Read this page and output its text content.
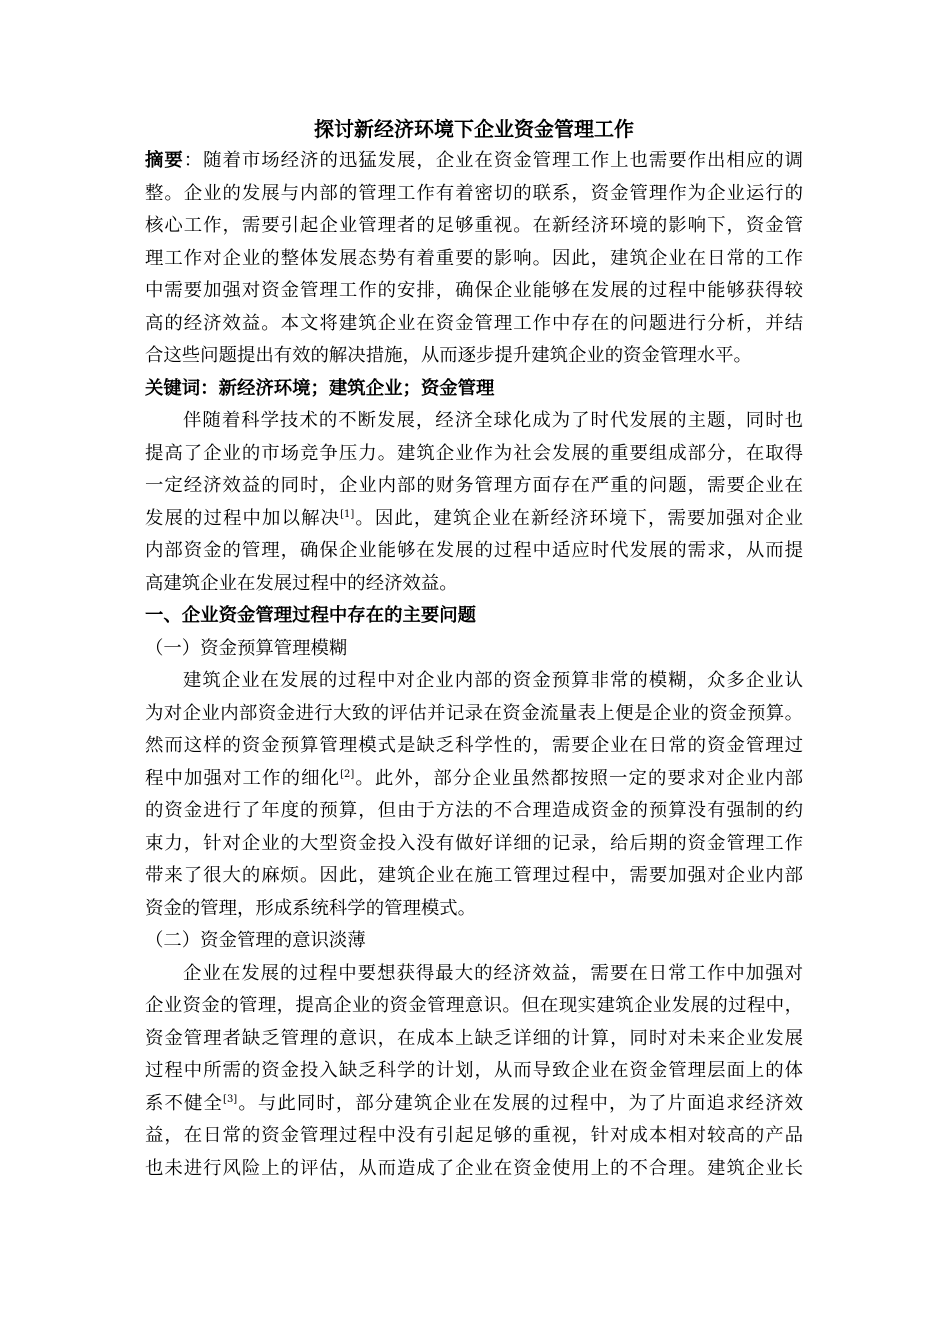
探讨新经济环境下企业资金管理工作
摘要：随着市场经济的迅猛发展，企业在资金管理工作上也需要作出相应的调
整。企业的发展与内部的管理工作有着密切的联系，资金管理作为企业运行的
核心工作，需要引起企业管理者的足够重视。在新经济环境的影响下，资金管
理工作对企业的整体发展态势有着重要的影响。因此，建筑企业在日常的工作
中需要加强对资金管理工作的安排，确保企业能够在发展的过程中能够获得较
高的经济效益。本文将建筑企业在资金管理工作中存在的问题进行分析，并结
合这些问题提出有效的解决措施，从而逐步提升建筑企业的资金管理水平。
关键词：新经济环境；建筑企业；资金管理
伴随着科学技术的不断发展，经济全球化成为了时代发展的主题，同时也
提高了企业的市场竞争压力。建筑企业作为社会发展的重要组成部分，在取得
一定经济效益的同时，企业内部的财务管理方面存在严重的问题，需要企业在
发展的过程中加以解决[1]。因此，建筑企业在新经济环境下，需要加强对企业
内部资金的管理，确保企业能够在发展的过程中适应时代发展的需求，从而提
高建筑企业在发展过程中的经济效益。
一、企业资金管理过程中存在的主要问题
（一）资金预算管理模糊
建筑企业在发展的过程中对企业内部的资金预算非常的模糊，众多企业认
为对企业内部资金进行大致的评估并记录在资金流量表上便是企业的资金预算。
然而这样的资金预算管理模式是缺乏科学性的，需要企业在日常的资金管理过
程中加强对工作的细化[2]。此外，部分企业虽然都按照一定的要求对企业内部
的资金进行了年度的预算，但由于方法的不合理造成资金的预算没有强制的约
束力，针对企业的大型资金投入没有做好详细的记录，给后期的资金管理工作
带来了很大的麻烦。因此，建筑企业在施工管理过程中，需要加强对企业内部
资金的管理，形成系统科学的管理模式。
（二）资金管理的意识淡薄
企业在发展的过程中要想获得最大的经济效益，需要在日常工作中加强对
企业资金的管理，提高企业的资金管理意识。但在现实建筑企业发展的过程中，
资金管理者缺乏管理的意识，在成本上缺乏详细的计算，同时对未来企业发展
过程中所需的资金投入缺乏科学的计划，从而导致企业在资金管理层面上的体
系不健全[3]。与此同时，部分建筑企业在发展的过程中，为了片面追求经济效
益，在日常的资金管理过程中没有引起足够的重视，针对成本相对较高的产品
也未进行风险上的评估，从而造成了企业在资金使用上的不合理。建筑企业长
